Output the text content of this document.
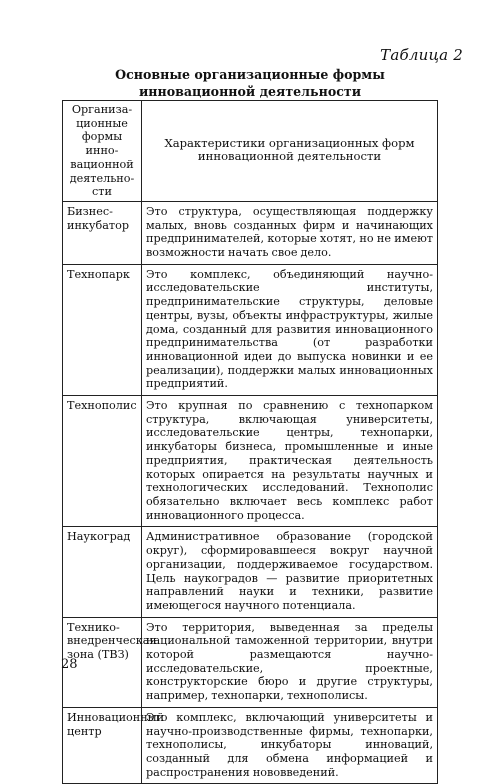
Таблица 2
Основные организационные формы инновационной деятельности
Организационные формы инновационной деятельности	Характеристики организационных форм инновационной деятельности
Бизнес-инкубатор	Это структура, осуществляющая поддержку малых, вновь созданных фирм и начинающих предпринимателей, которые хотят, но не имеют возможности начать свое дело.
Технопарк	Это комплекс, объединяющий научно-исследовательские институты, предпринимательские структуры, деловые центры, вузы, объекты инфраструктуры, жилые дома, созданный для развития инновационного предпринимательства (от разработки инновационной идеи до выпуска новинки и ее реализации), поддержки малых инновационных предприятий.
Технополис	Это крупная по сравнению с технопарком структура, включающая университеты, исследовательские центры, технопарки, инкубаторы бизнеса, промышленные и иные предприятия, практическая деятельность которых опирается на результаты научных и технологических исследований. Технополис обязательно включает весь комплекс работ инновационного процесса.
Наукоград	Административное образование (городской округ), сформировавшееся вокруг научной организации, поддерживаемое государством. Цель наукоградов — развитие приоритетных направлений науки и техники, развитие имеющегося научного потенциала.
Технико-внедренческая зона (ТВЗ)	Это территория, выведенная за пределы национальной таможенной территории, внутри которой размещаются научно-исследовательские, проектные, конструкторские бюро и другие структуры, например, технопарки, технополисы.
Инновационный центр	Это комплекс, включающий университеты и научно-производственные фирмы, технопарки, технополисы, инкубаторы инноваций, созданный для обмена информацией и распространения нововведений.
28
